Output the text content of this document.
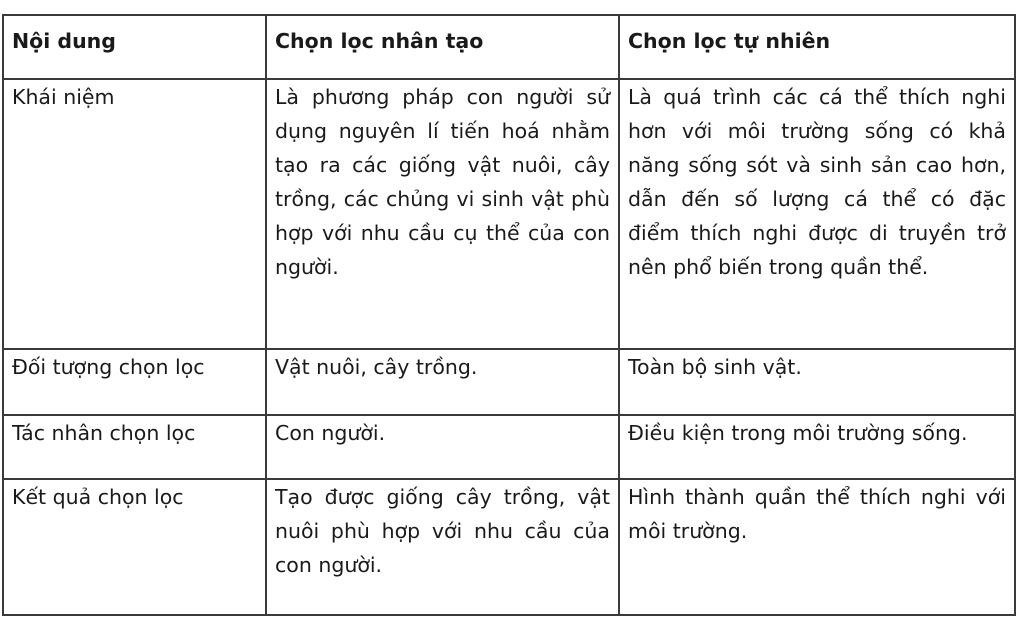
Nội dung	Chọn lọc nhân tạo	Chọn lọc tự nhiên
Khái niệm	Là phương pháp con người sử dụng nguyên lí tiến hoá nhằm tạo ra các giống vật nuôi, cây trồng, các chủng vi sinh vật phù hợp với nhu cầu cụ thể của con người.	Là quá trình các cá thể thích nghi hơn với môi trường sống có khả năng sống sót và sinh sản cao hơn, dẫn đến số lượng cá thể có đặc điểm thích nghi được di truyền trở nên phổ biến trong quần thể.
Đối tượng chọn lọc	Vật nuôi, cây trồng.	Toàn bộ sinh vật.
Tác nhân chọn lọc	Con người.	Điều kiện trong môi trường sống.
Kết quả chọn lọc	Tạo được giống cây trồng, vật nuôi phù hợp với nhu cầu của con người.	Hình thành quần thể thích nghi với môi trường.
